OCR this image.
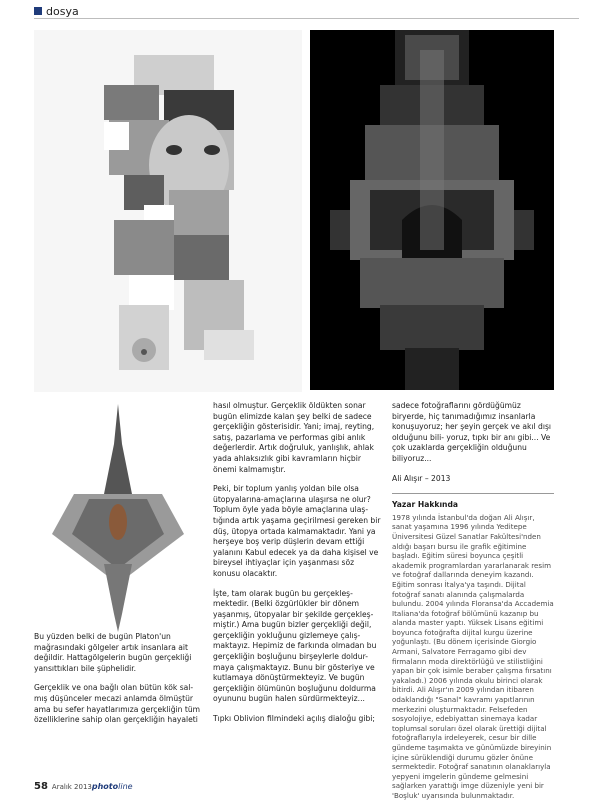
dosya

Bu yüzden belki de bugün Platon'un mağrasındaki gölgeler artık insanlara ait değildir. Hattagölgelerin bugün gerçekliği yansıttıkları bile şüphelidir.

Gerçeklik ve ona bağlı olan bütün kök sal- mış düşünceler mecazi anlamda ölmüştür ama bu sefer hayatlarımıza gerçekliğin tüm özelliklerine sahip olan gerçekliğin hayaleti

hasıl olmuştur. Gerçeklik öldükten sonar bugün elimizde kalan şey belki de sadece gerçekliğin gösterisidir. Yani; imaj, reyting, satış, pazarlama ve performas gibi anlık değerlerdir. Artık doğruluk, yanlışlık, ahlak yada ahlaksızlık gibi kavramların hiçbir önemi kalmamıştır.

Peki, bir toplum yanlış yoldan bile olsa ütopyalarına-amaçlarına ulaşırsa ne olur? Toplum öyle yada böyle amaçlarına ulaş- tığında artık yaşama geçirilmesi gereken bir düş, ütopya ortada kalmamaktadır. Yani ya herşeye boş verip düşlerin devam ettiği yalanını Kabul edecek ya da daha kişisel ve bireysel ihtiyaçlar için yaşanması söz konusu olacaktır.

İşte, tam olarak bugün bu gerçekleş- mektedir. (Belki özgürlükler bir dönem yaşanmış, ütopyalar bir şekilde gerçekleş- miştir.) Ama bugün bizler gerçekliği değil, gerçekliğin yokluğunu gizlemeye çalış- maktayız. Hepimiz de farkında olmadan bu gerçekliğin boşluğunu birşeylerle doldur- maya çalışmaktayız. Bunu bir gösteriye ve kutlamaya dönüştürmekteyiz. Ve bugün gerçekliğin ölümünün boşluğunu doldurma oyununu bugün halen sürdürmekteyiz...

Tıpkı Oblivion filmindeki açılış dialoğu gibi;

sadece fotoğraflarını gördüğümüz biryerde, hiç tanımadığımız insanlarla konuşuyoruz; her şeyin gerçek ve akıl dışı olduğunu bili- yoruz, tıpkı bir anı gibi... Ve çok uzaklarda gerçekliğin olduğunu biliyoruz...

Ali Alışır – 2013

Yazar Hakkında
1978 yılında İstanbul'da doğan Ali Alışır, sanat yaşamına 1996 yılında Yeditepe Üniversitesi Güzel Sanatlar Fakültesi'nden aldığı başarı bursu ile grafik eğitimine başladı. Eğitim süresi boyunca çeşitli akademik programlardan yararlanarak resim ve fotoğraf dallarında deneyim kazandı. Eğitim sonrası İtalya'ya taşındı. Dijital fotoğraf sanatı alanında çalışmalarda bulundu. 2004 yılında Floransa'da Accademia Italiana'da fotoğraf bölümünü kazanıp bu alanda master yaptı. Yüksek Lisans eğitimi boyunca fotoğrafta dijital kurgu üzerine yoğunlaştı. (Bu dönem içerisinde Giorgio Armani, Salvatore Ferragamo gibi dev firmaların moda direktörlüğü ve stilistliğini yapan bir çok isimle beraber çalışma fırsatını yakaladı.) 2006 yılında okulu birinci olarak bitirdi. Ali Alışır'ın 2009 yılından itibaren odaklandığı "Sanal" kavramı yapıtlarının merkezini oluşturmaktadır. Felsefeden sosyolojiye, edebiyattan sinemaya kadar toplumsal soruları özel olarak ürettiği dijital fotoğraflarıyla irdeleyerek, cesur bir dille gündeme taşımakta ve günümüzde bireyinin içine sürüklendiği durumu gözler önüne sermektedir. Fotoğraf sanatının olanaklarıyla yepyeni imgelerin gündeme gelmesini sağlarken yarattığı imge düzeniyle yeni bir 'Boşluk' uyarısında bulunmaktadır.
58 Aralık 2013 photo line
